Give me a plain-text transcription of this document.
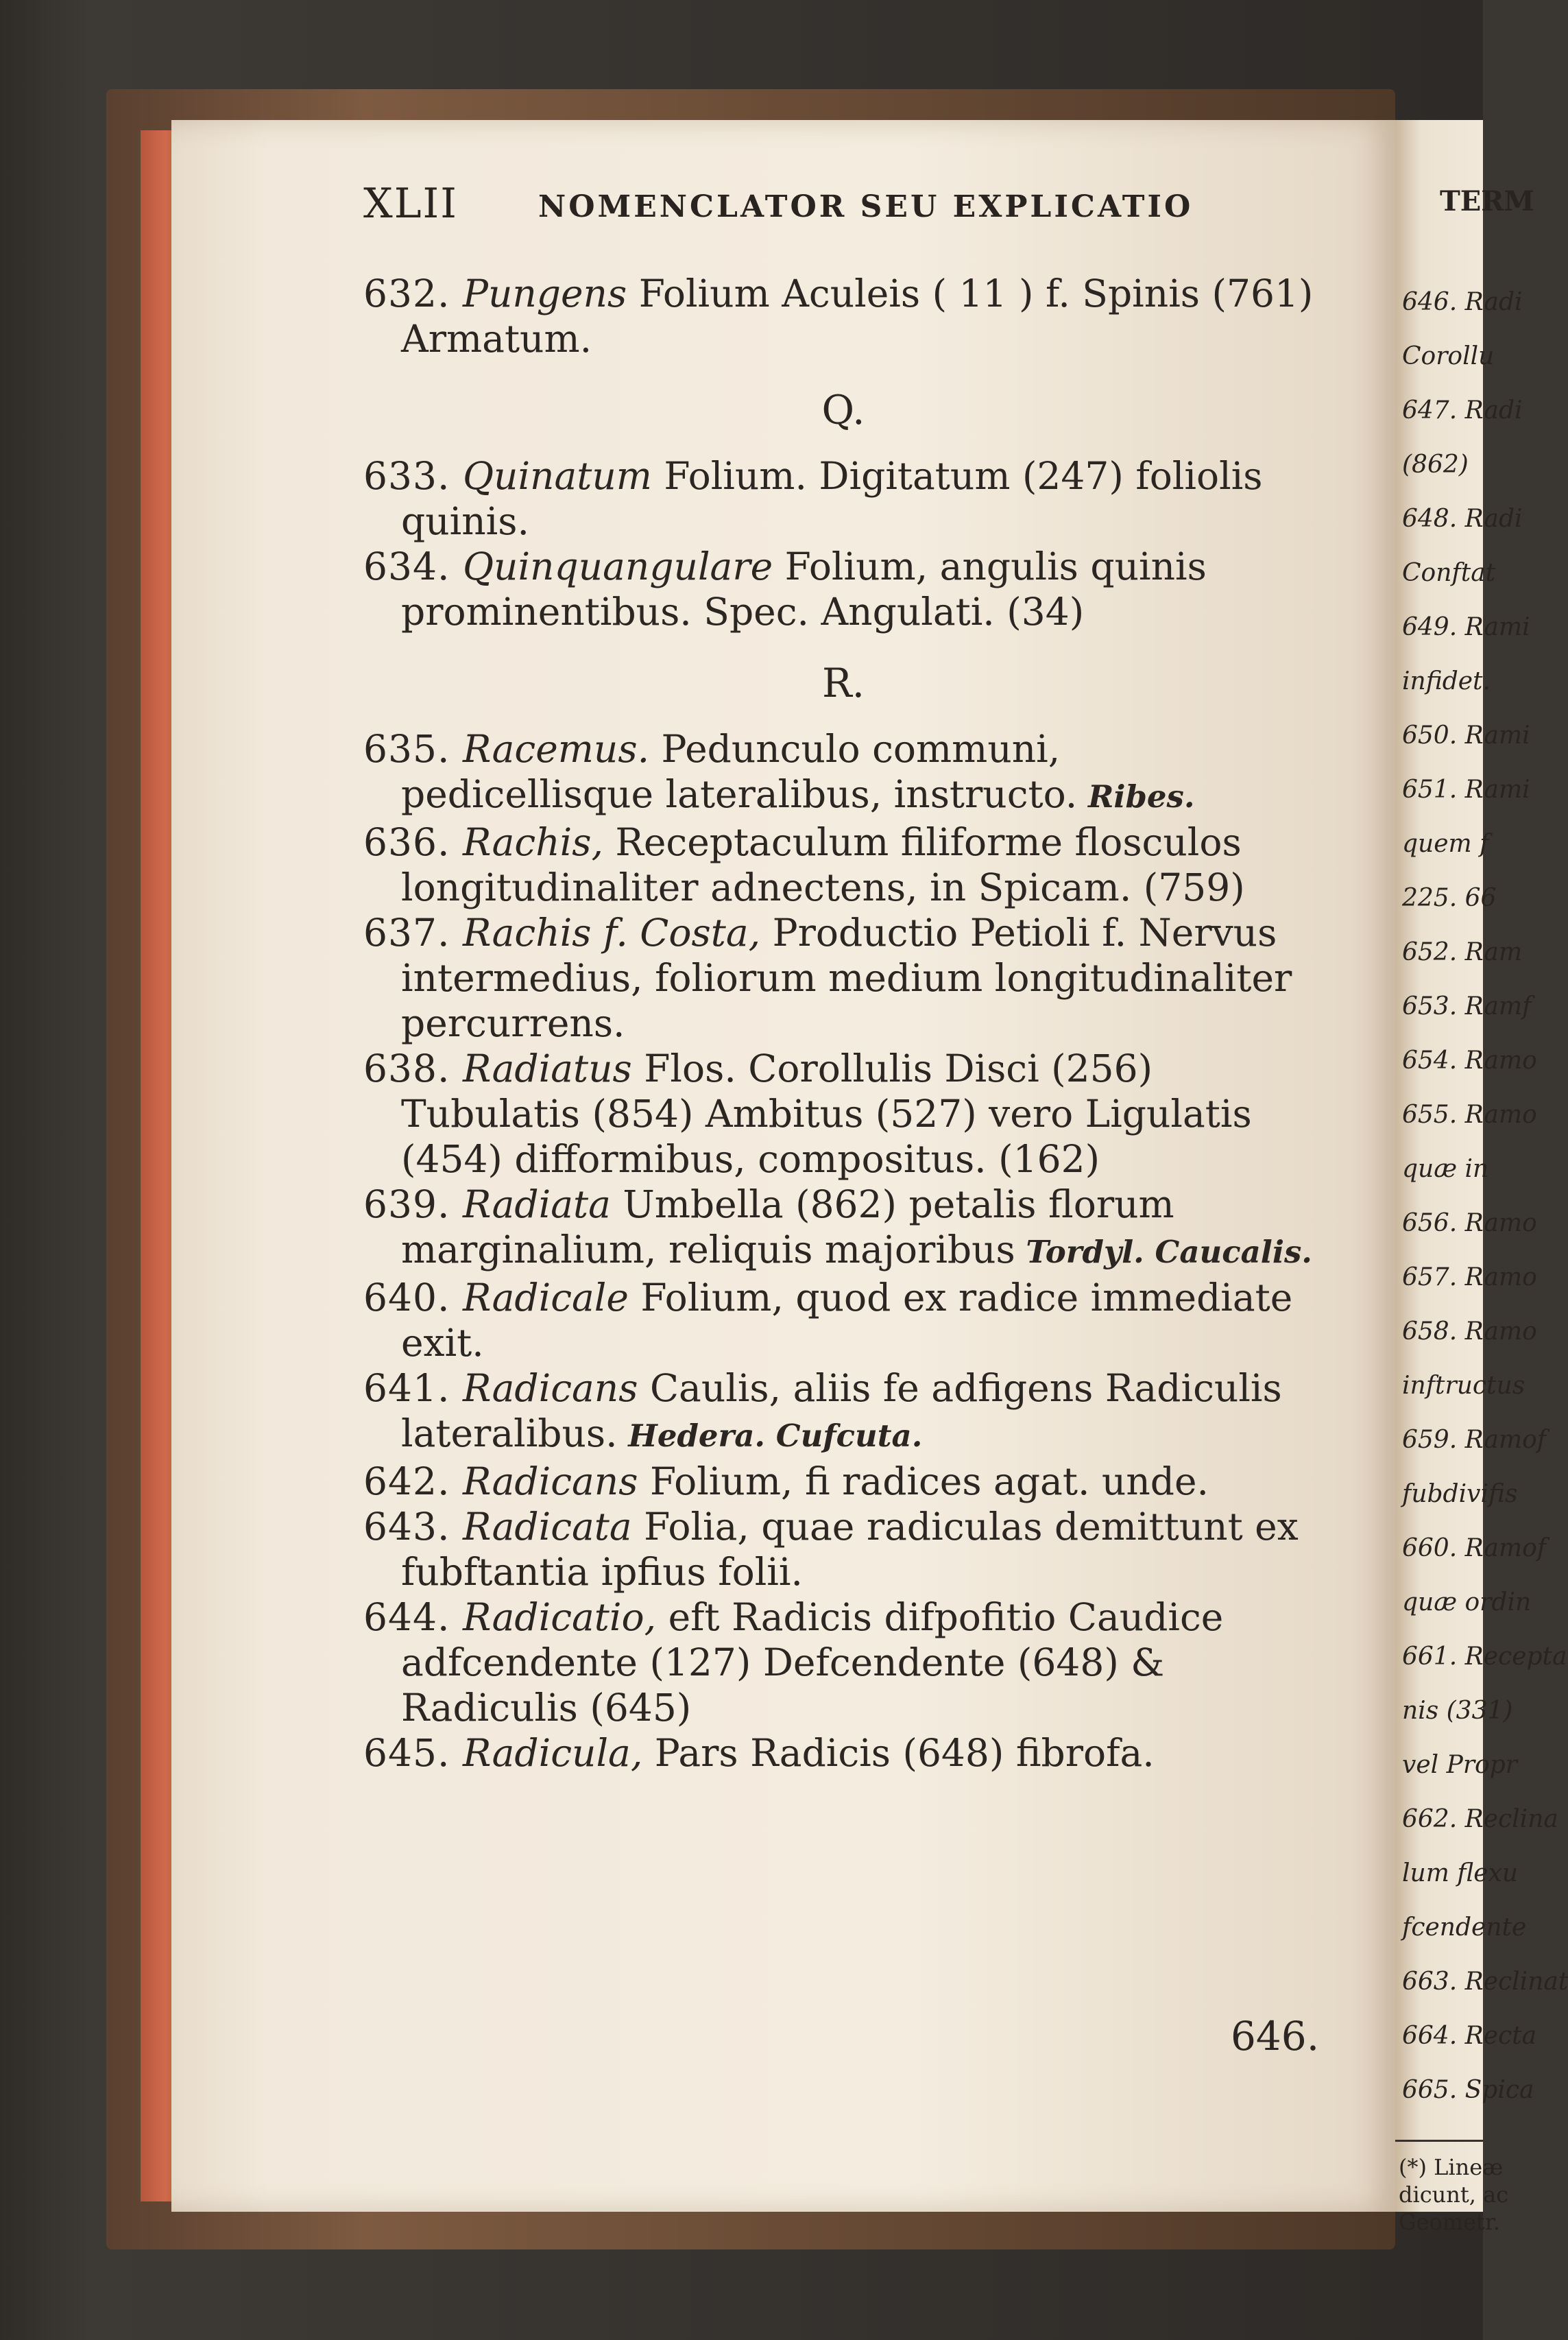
XLII	NOMENCLATOR SEU EXPLICATIO

632. Pungens Folium Aculeis ( 11 ) f. Spinis (761) Armatum.

Q.

633. Quinatum Folium. Digitatum (247) foliolis quinis.

634. Quinquangulare Folium, angulis quinis prominentibus. Spec. Angulati. (34)

R.

635. Racemus. Pedunculo communi, pedicellisque lateralibus, instructo. Ribes.

636. Rachis, Receptaculum filiforme flosculos longitudinaliter adnectens, in Spicam. (759)

637. Rachis f. Costa, Productio Petioli f. Nervus intermedius, foliorum medium longitudinaliter percurrens.

638. Radiatus Flos. Corollulis Disci (256) Tubulatis (854) Ambitus (527) vero Ligulatis (454) difformibus, compositus. (162)

639. Radiata Umbella (862) petalis florum marginalium, reliquis majoribus Tordyl. Caucalis.

640. Radicale Folium, quod ex radice immediate exit.

641. Radicans Caulis, aliis fe adfigens Radiculis lateralibus. Hedera. Cufcuta.

642. Radicans Folium, fi radices agat. unde.

643. Radicata Folia, quae radiculas demittunt ex fubftantia ipfius folii.

644. Radicatio, eft Radicis difpofitio Caudice adfcendente (127) Defcendente (648) & Radiculis (645)

645. Radicula, Pars Radicis (648) fibrofa.

646.
TERM
646. Radi
Corollu
647. Radi
(862)
648. Radi
Conftat
649. Rami
infidet.
650. Rami
651. Rami
quem f
225. 66
652. Ram
653. Ramf
654. Ramo
655. Ramo
quæ in
656. Ramo
657. Ramo
658. Ramo
inftructus
659. Ramof
fubdivifis
660. Ramof
quæ ordin
661. Recepta
nis (331)
vel Propr
662. Reclina
lum flexu
fcendente
663. Reclinat
664. Recta
665. Spica
(*) Lineæ
dicunt, ac
Geometr.
